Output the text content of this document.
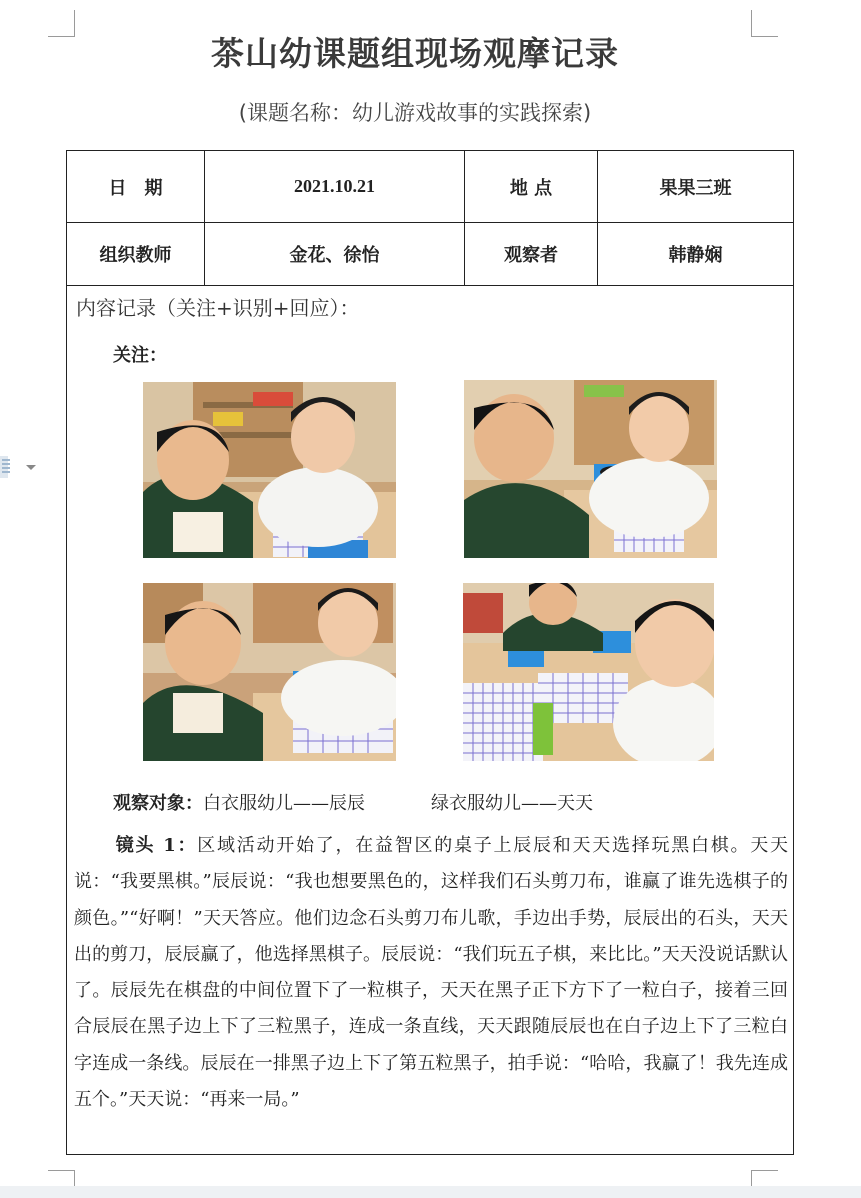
茶山幼课题组现场观摩记录
(课题名称：幼儿游戏故事的实践探索)
日　期	2021.10.21	地 点	果果三班
组织教师	金花、徐怡	观察者	韩静娴
内容记录（关注+识别+回应）：
关注：
观察对象：白衣服幼儿——辰辰	绿衣服幼儿——天天
镜头 1：区域活动开始了，在益智区的桌子上辰辰和天天选择玩黑白棋。天天说：“我要黑棋。”辰辰说：“我也想要黑色的，这样我们石头剪刀布，谁赢了谁先选棋子的颜色。”“好啊！”天天答应。他们边念石头剪刀布儿歌，手边出手势，辰辰出的石头，天天出的剪刀，辰辰赢了，他选择黑棋子。辰辰说：“我们玩五子棋，来比比。”天天没说话默认了。辰辰先在棋盘的中间位置下了一粒棋子，天天在黑子正下方下了一粒白子，接着三回合辰辰在黑子边上下了三粒黑子，连成一条直线，天天跟随辰辰也在白子边上下了三粒白字连成一条线。辰辰在一排黑子边上下了第五粒黑子，拍手说：“哈哈，我赢了！我先连成五个。”天天说：“再来一局。”
